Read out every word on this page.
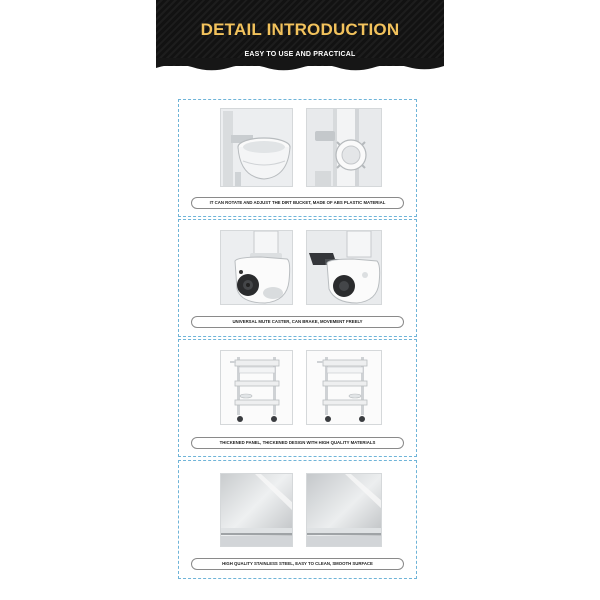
DETAIL INTRODUCTION
EASY TO USE AND PRACTICAL
IT CAN ROTATE AND ADJUST THE DIRT BUCKET, MADE OF ABS PLASTIC MATERIAL
UNIVERSAL MUTE CASTER, CAN BRAKE, MOVEMENT FREELY
THICKENED PANEL, THICKENED DESIGN WITH HIGH QUALITY MATERIALS
HIGH QUALITY STAINLESS STEEL, EASY TO CLEAN, SMOOTH SURFACE
